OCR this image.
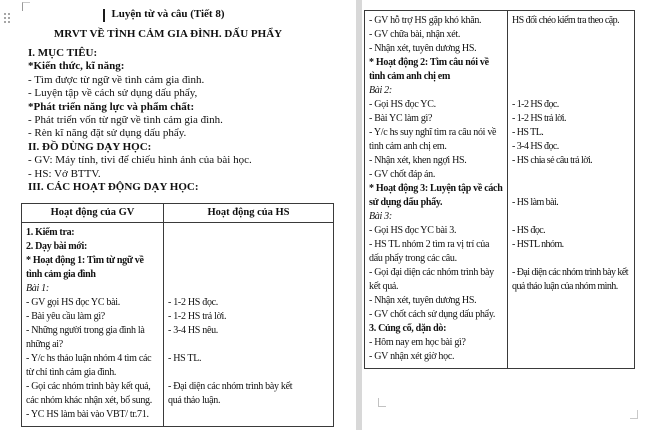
Luyện từ và câu (Tiết 8)
MRVT VỀ TÌNH CẢM GIA ĐÌNH. DẤU PHẨY
I. MỤC TIÊU:
*Kiến thức, kĩ năng:
- Tìm được từ ngữ về tình cảm gia đình.
- Luyện tập về cách sử dụng dấu phẩy,
*Phát triển năng lực và phẩm chất:
- Phát triển vốn từ ngữ về tình cảm gia đình.
- Rèn kĩ năng đặt sử dụng dấu phẩy.
II. ĐỒ DÙNG DẠY HỌC:
- GV: Máy tính, tivi để chiếu hình ảnh của bài học.
- HS: Vở BTTV.
III. CÁC HOẠT ĐỘNG DẠY HỌC:
Hoạt động của GV	Hoạt động của HS
1. Kiểm tra:
2. Dạy bài mới:
* Hoạt động 1: Tìm từ ngữ về
tình cảm gia đình
Bài 1:
- GV gọi HS đọc YC bài.
- Bài yêu cầu làm gì?
- Những người trong gia đình là
những ai?
- Y/c hs thảo luận nhóm 4 tìm các
từ chỉ tình cảm gia đình.
- Gọi các nhóm trình bày kết quả,
các nhóm khác nhận xét, bổ sung.
- YC HS làm bài vào VBT/ tr.71.

- 1-2 HS đọc.
- 1-2 HS trả lời.
- 3-4 HS nêu.

- HS TL.

- Đại diện các nhóm trình bày kết
quả thảo luận.

- GV hỗ trợ HS gặp khó khăn.
- GV chữa bài, nhận xét.
- Nhận xét, tuyên dương HS.
* Hoạt động 2: Tìm câu nói về
tình cảm anh chị em
Bài 2:
- Gọi HS đọc YC.
- Bài YC làm gì?
- Y/c hs suy nghĩ tìm ra câu nói về
tình cảm anh chị em.
- Nhận xét, khen ngợi HS.
- GV chốt đáp án.
* Hoạt động 3: Luyện tập về cách
sử dụng dấu phẩy.
Bài 3:
- Gọi HS đọc YC bài 3.
- HS TL nhóm 2 tìm ra vị trí của
dấu phẩy trong các câu.
- Gọi đại diện các nhóm trình bày
kết quả.
- Nhận xét, tuyên dương HS.
- GV chốt cách sử dụng dấu phẩy.
3. Củng cố, dặn dò:
- Hôm nay em học bài gì?
- GV nhận xét giờ học.
HS đổi chéo kiểm tra theo cặp.

- 1-2 HS đọc.
- 1-2 HS trả lời.
- HS TL.
- 3-4 HS đọc.
- HS chia sẻ câu trả lời.

- HS làm bài.

- HS đọc.
- HSTL nhóm.

- Đại diện các nhóm trình bày kết
quả thảo luận của nhóm mình.
